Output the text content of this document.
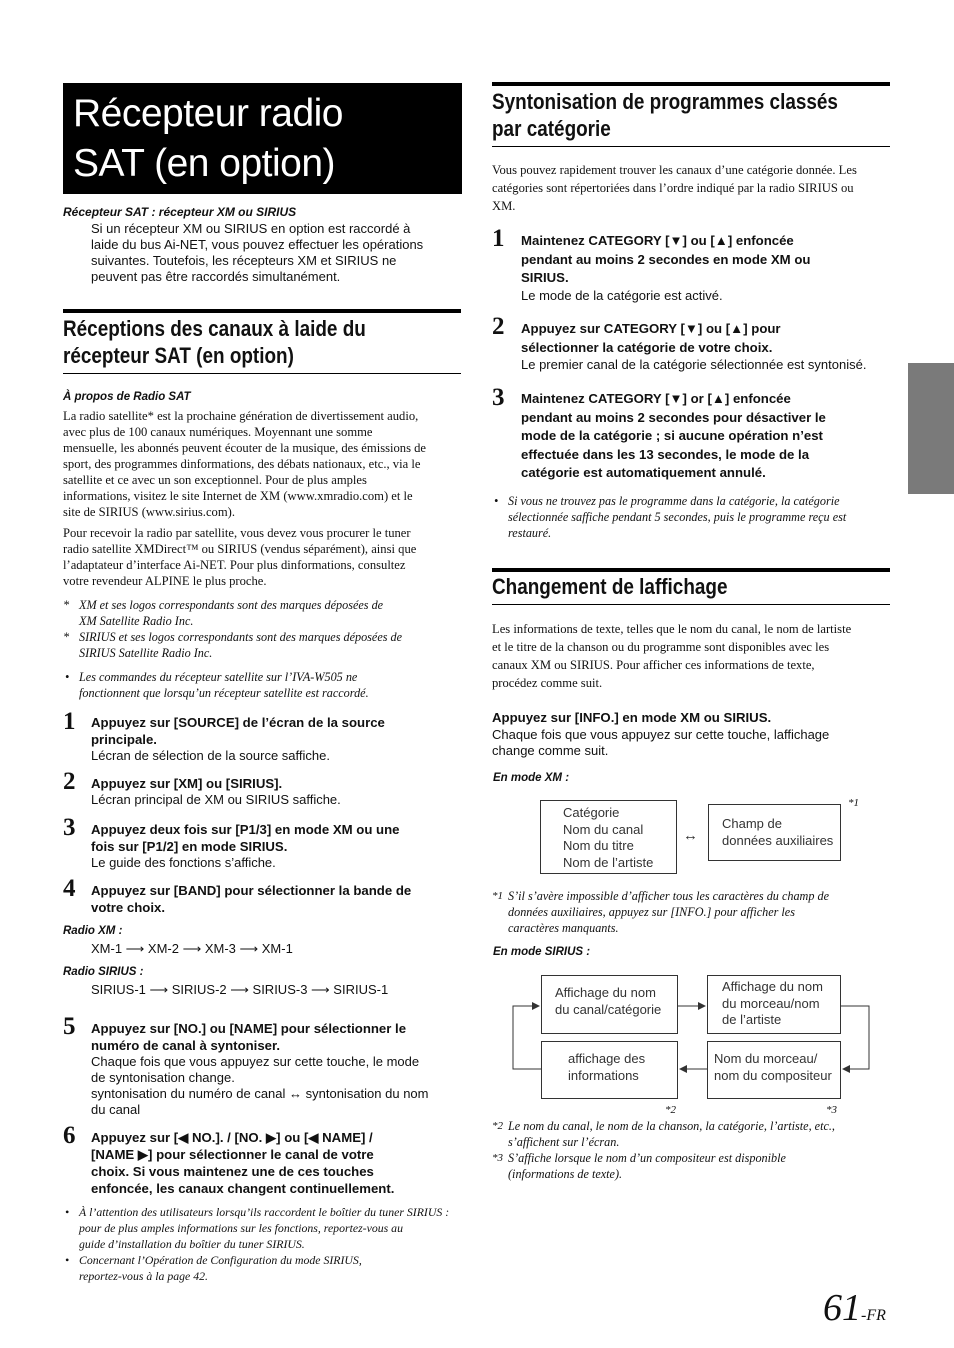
Récepteur radio
SAT (en option)
Récepteur SAT : récepteur XM ou SIRIUS
Si un récepteur XM ou SIRIUS en option est raccordé à
laide du bus Ai-NET, vous pouvez effectuer les opérations
suivantes. Toutefois, les récepteurs XM et SIRIUS ne
peuvent pas être raccordés simultanément.
Réceptions des canaux à laide du
récepteur SAT (en option)
À propos de Radio SAT
La radio satellite* est la prochaine génération de divertissement audio,
avec plus de 100 canaux numériques. Moyennant une somme
mensuelle, les abonnés peuvent écouter de la musique, des émissions de
sport, des programmes dinformations, des débats nationaux, etc., via le
satellite et ce avec un son exceptionnel. Pour de plus amples
informations, visitez le site Internet de XM (www.xmradio.com) et le
site de SIRIUS (www.sirius.com).
Pour recevoir la radio par satellite, vous devez vous procurer le tuner
radio satellite XMDirect™ ou SIRIUS (vendus séparément), ainsi que
l’adaptateur d’interface Ai-NET. Pour plus dinformations, consultez
votre revendeur ALPINE le plus proche.
* XM et ses logos correspondants sont des marques déposées de
XM Satellite Radio Inc.
* SIRIUS et ses logos correspondants sont des marques déposées de
SIRIUS Satellite Radio Inc.
• Les commandes du récepteur satellite sur l’IVA-W505 ne
fonctionnent que lorsqu’un récepteur satellite est raccordé.
1 Appuyez sur [SOURCE] de l’écran de la source
principale.
Lécran de sélection de la source saffiche.
2 Appuyez sur [XM] ou [SIRIUS].
Lécran principal de XM ou SIRIUS saffiche.
3 Appuyez deux fois sur [P1/3] en mode XM ou une
fois sur [P1/2] en mode SIRIUS.
Le guide des fonctions s’affiche.
4 Appuyez sur [BAND] pour sélectionner la bande de
votre choix.
Radio XM :
XM-1 ⟶ XM-2 ⟶ XM-3 ⟶ XM-1
Radio SIRIUS :
SIRIUS-1 ⟶ SIRIUS-2 ⟶ SIRIUS-3 ⟶ SIRIUS-1
5 Appuyez sur [NO.] ou [NAME] pour sélectionner le
numéro de canal à syntoniser.
Chaque fois que vous appuyez sur cette touche, le mode
de syntonisation change.
syntonisation du numéro de canal ↔ syntonisation du nom
du canal
6 Appuyez sur [◀ NO.]. / [NO. ▶] ou [◀ NAME] /
[NAME ▶] pour sélectionner le canal de votre
choix. Si vous maintenez une de ces touches
enfoncée, les canaux changent continuellement.
• À l’attention des utilisateurs lorsqu’ils raccordent le boîtier du tuner SIRIUS :
pour de plus amples informations sur les fonctions, reportez-vous au
guide d’installation du boîtier du tuner SIRIUS.
• Concernant l’Opération de Configuration du mode SIRIUS,
reportez-vous à la page 42.
Syntonisation de programmes classés
par catégorie
Vous pouvez rapidement trouver les canaux d’une catégorie donnée. Les
catégories sont répertoriées dans l’ordre indiqué par la radio SIRIUS ou
XM.
1 Maintenez CATEGORY [▼] ou [▲] enfoncée
pendant au moins 2 secondes en mode XM ou
SIRIUS.
Le mode de la catégorie est activé.
2 Appuyez sur CATEGORY [▼] ou [▲] pour
sélectionner la catégorie de votre choix.
Le premier canal de la catégorie sélectionnée est syntonisé.
3 Maintenez CATEGORY [▼] or [▲] enfoncée
pendant au moins 2 secondes pour désactiver le
mode de la catégorie ; si aucune opération n’est
effectuée dans les 13 secondes, le mode de la
catégorie est automatiquement annulé.
• Si vous ne trouvez pas le programme dans la catégorie, la catégorie
sélectionnée saffiche pendant 5 secondes, puis le programme reçu est
restauré.
Changement de laffichage
Les informations de texte, telles que le nom du canal, le nom de lartiste
et le titre de la chanson ou du programme sont disponibles avec les
canaux XM ou SIRIUS. Pour afficher ces informations de texte,
procédez comme suit.
Appuyez sur [INFO.] en mode XM ou SIRIUS.
Chaque fois que vous appuyez sur cette touche, laffichage
change comme suit.
En mode XM :
Catégorie
Nom du canal
Nom du titre
Nom de l’artiste
↔
Champ de
données auxiliaires
*1
*1 S’il s’avère impossible d’afficher tous les caractères du champ de
données auxiliaires, appuyez sur [INFO.] pour afficher les
caractères manquants.
En mode SIRIUS :
Affichage du nom
du canal/catégorie
Affichage du nom
du morceau/nom
de l’artiste
affichage des
informations
Nom du morceau/
nom du compositeur
*2	*3
*2 Le nom du canal, le nom de la chanson, la catégorie, l’artiste, etc.,
s’affichent sur l’écran.
*3 S’affiche lorsque le nom d’un compositeur est disponible
(informations de texte).
61-FR
